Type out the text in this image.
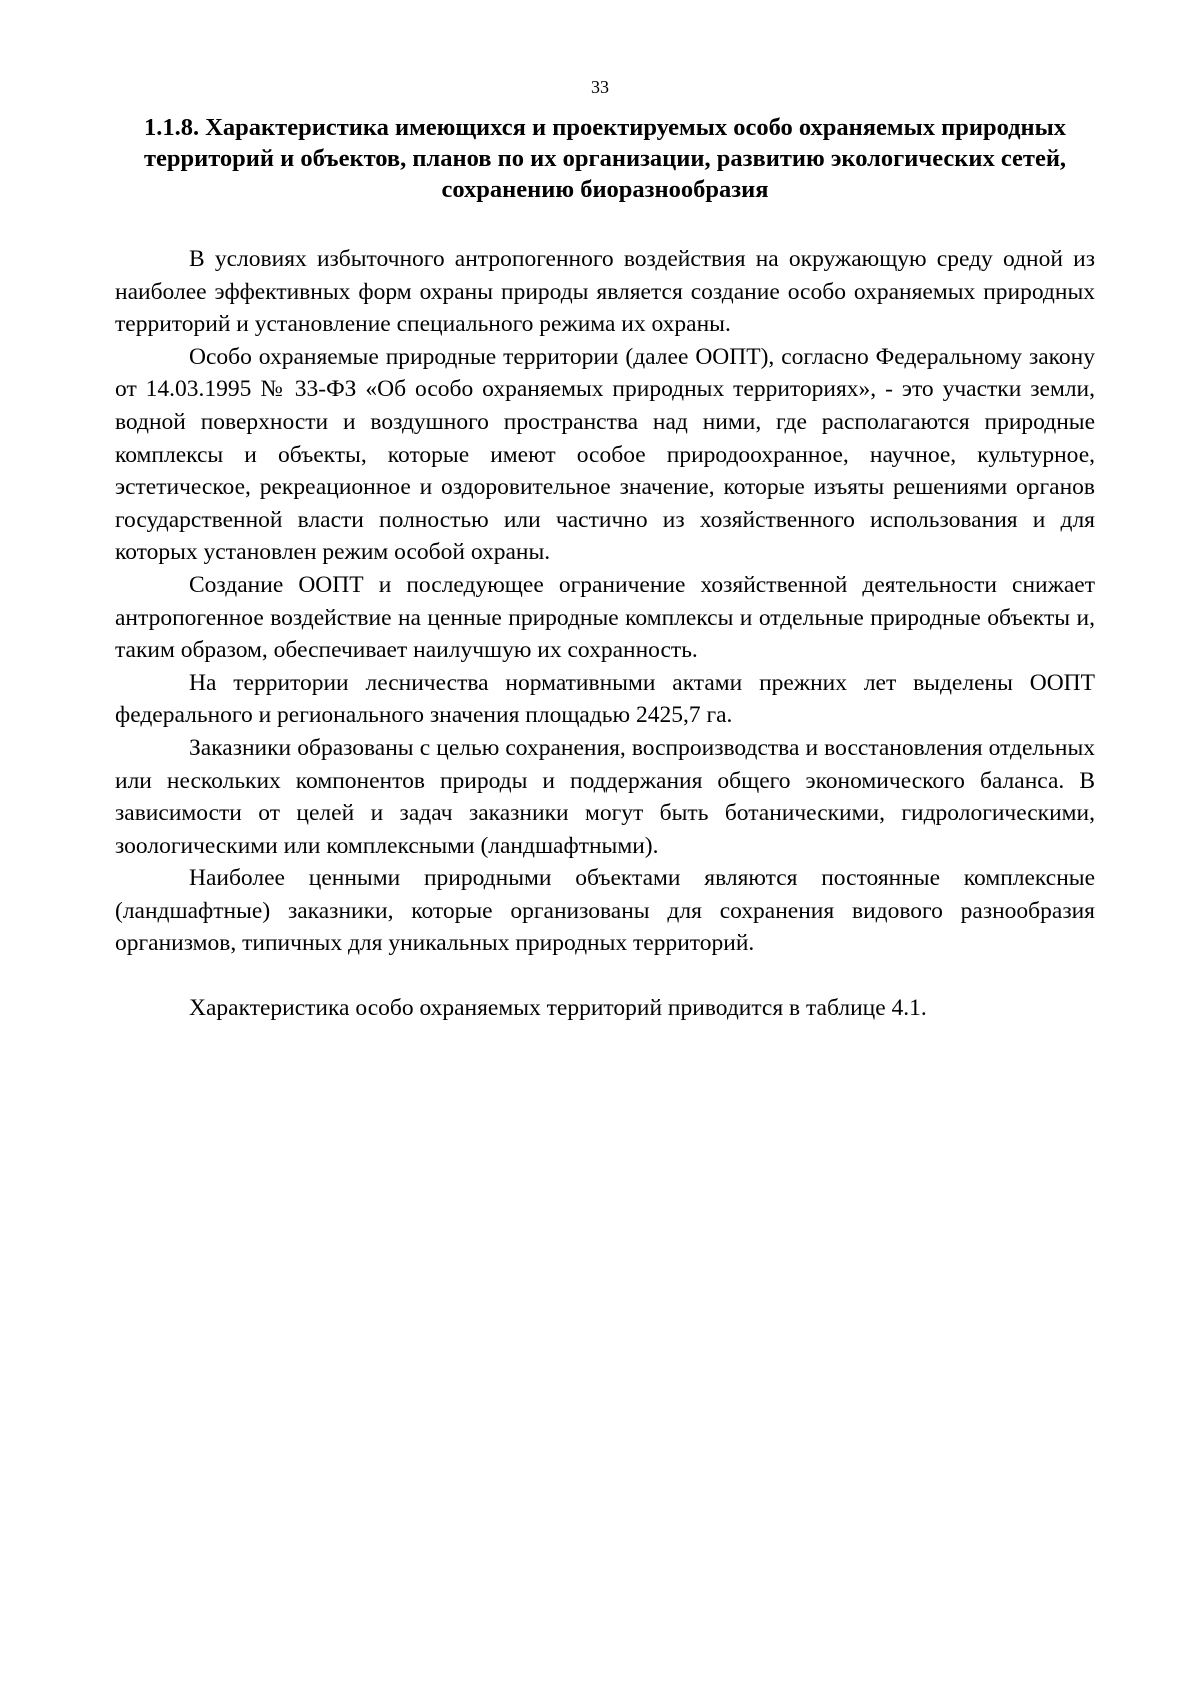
33
1.1.8. Характеристика имеющихся и проектируемых особо охраняемых природных территорий и объектов, планов по их организации, развитию экологических сетей, сохранению биоразнообразия

В условиях избыточного антропогенного воздействия на окружающую среду одной из наиболее эффективных форм охраны природы является создание особо охраняемых природных территорий и установление специального режима их охраны.

Особо охраняемые природные территории (далее ООПТ), согласно Федеральному закону от 14.03.1995 № 33-ФЗ «Об особо охраняемых природных территориях», - это участки земли, водной поверхности и воздушного пространства над ними, где располагаются природные комплексы и объекты, которые имеют особое природоохранное, научное, культурное, эстетическое, рекреационное и оздоровительное значение, которые изъяты решениями органов государственной власти полностью или частично из хозяйственного использования и для которых установлен режим особой охраны.

Создание ООПТ и последующее ограничение хозяйственной деятельности снижает антропогенное воздействие на ценные природные комплексы и отдельные природные объекты и, таким образом, обеспечивает наилучшую их сохранность.

На территории лесничества нормативными актами прежних лет выделены ООПТ федерального и регионального значения площадью 2425,7 га.

Заказники образованы с целью сохранения, воспроизводства и восстановления отдельных или нескольких компонентов природы и поддержания общего экономического баланса. В зависимости от целей и задач заказники могут быть ботаническими, гидрологическими, зоологическими или комплексными (ландшафтными).

Наиболее ценными природными объектами являются постоянные комплексные (ландшафтные) заказники, которые организованы для сохранения видового разнообразия организмов, типичных для уникальных природных территорий.

Характеристика особо охраняемых территорий приводится в таблице 4.1.
